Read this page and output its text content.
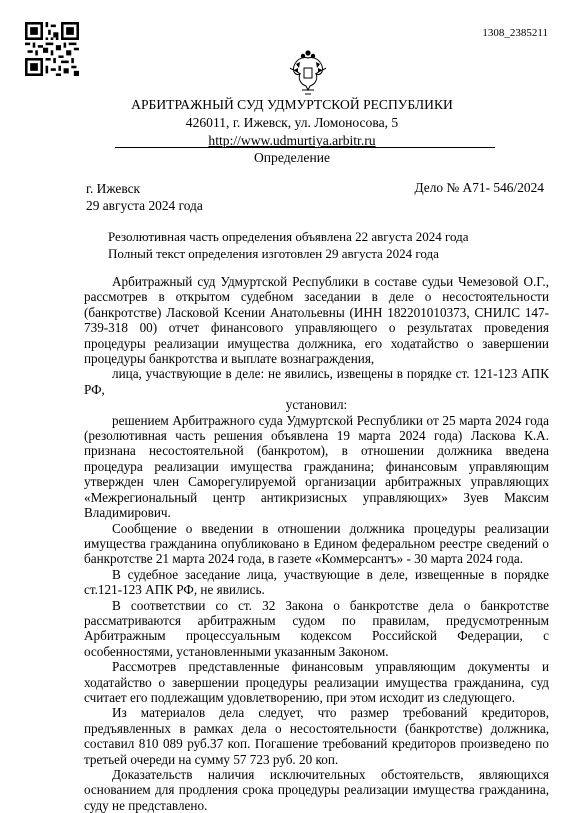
1308_2385211
АРБИТРАЖНЫЙ СУД УДМУРТСКОЙ РЕСПУБЛИКИ
426011, г. Ижевск, ул. Ломоносова, 5
http://www.udmurtiya.arbitr.ru
Определение
г. Ижевск
29 августа 2024 года
Дело № А71- 546/2024
Резолютивная часть определения объявлена 22 августа 2024 года
Полный текст определения изготовлен 29 августа 2024 года

Арбитражный суд Удмуртской Республики в составе судьи Чемезовой О.Г., рассмотрев в открытом судебном заседании в деле о несостоятельности (банкротстве) Ласковой Ксении Анатольевны (ИНН 182201010373, СНИЛС 147-739-318 00) отчет финансового управляющего о результатах проведения процедуры реализации имущества должника, его ходатайство о завершении процедуры банкротства и выплате вознаграждения,

лица, участвующие в деле: не явились, извещены в порядке ст. 121-123 АПК РФ,

установил:

решением Арбитражного суда Удмуртской Республики от 25 марта 2024 года (резолютивная часть решения объявлена 19 марта 2024 года) Ласкова К.А. признана несостоятельной (банкротом), в отношении должника введена процедура реализации имущества гражданина; финансовым управляющим утвержден член Саморегулируемой организации арбитражных управляющих «Межрегиональный центр антикризисных управляющих» Зуев Максим Владимирович.

Сообщение о введении в отношении должника процедуры реализации имущества гражданина опубликовано в Едином федеральном реестре сведений о банкротстве 21 марта 2024 года, в газете «Коммерсантъ» - 30 марта 2024 года.

В судебное заседание лица, участвующие в деле, извещенные в порядке ст.121-123 АПК РФ, не явились.

В соответствии со ст. 32 Закона о банкротстве дела о банкротстве рассматриваются арбитражным судом по правилам, предусмотренным Арбитражным процессуальным кодексом Российской Федерации, с особенностями, установленными указанным Законом.

Рассмотрев представленные финансовым управляющим документы и ходатайство о завершении процедуры реализации имущества гражданина, суд считает его подлежащим удовлетворению, при этом исходит из следующего.

Из материалов дела следует, что размер требований кредиторов, предъявленных в рамках дела о несостоятельности (банкротстве) должника, составил 810 089 руб.37 коп. Погашение требований кредиторов произведено по третьей очереди на сумму 57 723 руб. 20 коп.

Доказательств наличия исключительных обстоятельств, являющихся основанием для продления срока процедуры реализации имущества гражданина, суду не представлено.
